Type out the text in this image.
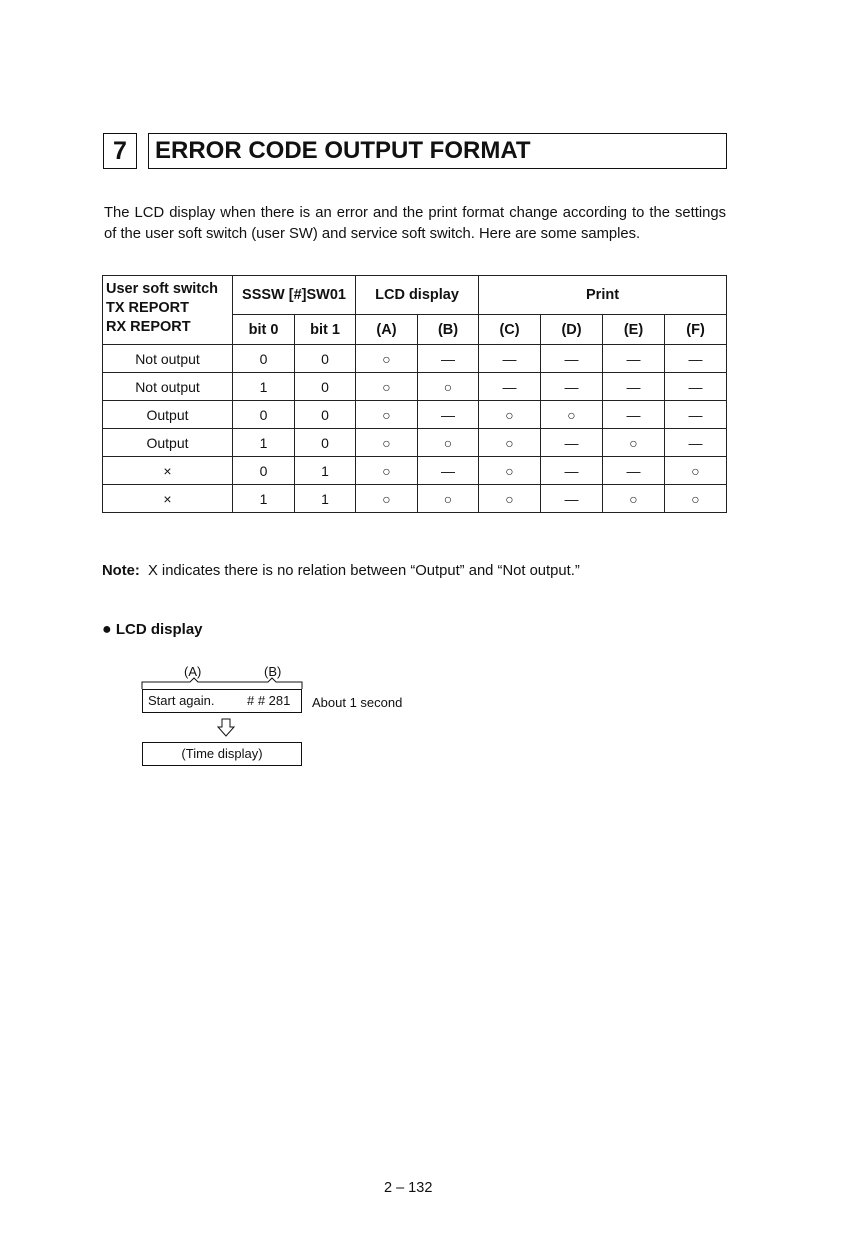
7	ERROR CODE OUTPUT FORMAT

The LCD display when there is an error and the print format change according to the settings of the user soft switch (user SW) and service soft switch. Here are some samples.

User soft switch
TX REPORT
RX REPORT	SSSW [#]SW01		LCD display		Print			
	bit 0	bit 1	(A)	(B)	(C)	(D)	(E)	(F)
Not output	0	0	○	—	—	—	—	—
Not output	1	0	○	○	—	—	—	—
Output	0	0	○	—	○	○	—	—
Output	1	0	○	○	○	—	○	—
×	0	1	○	—	○	—	—	○
×	1	1	○	○	○	—	○	○
Note: X indicates there is no relation between “Output” and “Not output.”
● LCD display
(A)	(B)
Start again.	# # 281 About 1 second
(Time display)
2 – 132
